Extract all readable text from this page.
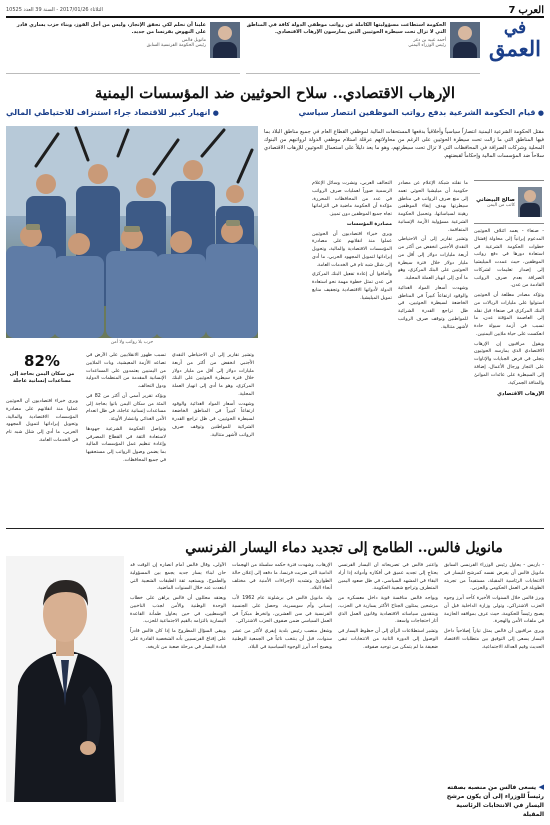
العرب
7
الثلاثاء 2017/01/26 - السنة 39 العدد 10525
في
العمق
الحكومة استطاعت مسؤوليتها الكاملة عن رواتب موظفي الدولة كافة في المناطق التي لا تزال تحت سيطرة الحوثيين الذين يمارسون الإرهاب الاقتصادي.
أحمد عبيد بن دغر
رئيس الوزراء اليمني
علينا أن نحلم لكي نحقق الإنجاز، وليس من أجل الفوز، وبناء حزب يساري قادر على النهوض بفرنسا من جديد.
مانويل فالس
رئيس الحكومة الفرنسية السابق
الإرهاب الاقتصادي.. سلاح الحوثيين ضد المؤسسات اليمنية
● قيام الحكومة الشرعية بدفع رواتب الموظفين انتصار سياسي
● انهيار كبير للاقتصاد جراء استنزاف للاحتياطي المالي
مقتل الحكومة الشرعية اليمنية انتصاراً سياسياً وأخلاقياً بدفعها المستحقات المالية لموظفي القطاع العام في جميع مناطق البلاد بما فيها المناطق التي ما زالت تحت سيطرة الحوثيين على الرغم من محاولاتهم عرقلة استلام موظفي الدولة لرواتبهم من البنوك المحلية وشركات الصرافة في المحافظات التي لا تزال تحت سيطرتهم، وهو ما يعد دليلاً على استعمال الحوثيين للإرهاب الاقتصادي سلاحاً ضد المؤسسات المالية وإحكاماً لقبضتهم.
صالح البيضاني
كاتب من اليمن

- صنعاء - يعمد ائتلاف الحوثيين المدعوم إيرانياً إلى محاولة إفشال خطوات الحكومة الشرعية في استعادة دورها في دفع رواتب الموظفين، حيث عمدت الميليشيا إلى إصدار تعليمات لشركات الصرافة بعدم صرف الرواتب القادمة من عدن.

وتؤكد مصادر مطلعة أن الحوثيين استولوا على مليارات الريالات من البنك المركزي في صنعاء قبل نقله إلى العاصمة المؤقتة عدن، ما تسبب في أزمة سيولة حادة انعكست على حياة ملايين اليمنيين.

ويقول مراقبون إن الإرهاب الاقتصادي الذي يمارسه الحوثيون يتجلى في فرض الجبايات والإتاوات على التجار ورجال الأعمال، إضافة إلى السيطرة على عائدات الموانئ والمنافذ الجمركية.

الإرهاب الاقتصادي

ما نقلته شبكة الإعلام عن مصادر حكومية أن ميليشيا الحوثي تعمد إلى منع صرف الرواتب في مناطق سيطرتها بهدف إبقاء الموظفين رهينة لسياساتها، وتحميل الحكومة الشرعية مسؤولية الأزمة الإنسانية المتفاقمة.

وتشير تقارير إلى أن الاحتياطي النقدي الأجنبي انخفض من أكثر من أربعة مليارات دولار إلى أقل من مليار دولار خلال فترة سيطرة الحوثيين على البنك المركزي، وهو ما أدى إلى انهيار العملة المحلية.

وشهدت أسعار المواد الغذائية والوقود ارتفاعاً كبيراً في المناطق الخاضعة لسيطرة الحوثيين، في ظل تراجع القدرة الشرائية للمواطنين وتوقف صرف الرواتب لأشهر متتالية.

التحالف العربي، ونشرت وسائل الإعلام الرسمية صوراً لعمليات صرف الرواتب في عدد من المحافظات المحررة، مؤكدة أن الحكومة ماضية في التزاماتها تجاه جميع الموظفين دون تمييز.

مصادرة المؤسسات

ويرى خبراء اقتصاديون أن الحوثيين عملوا منذ انقلابهم على مصادرة المؤسسات الاقتصادية والمالية، وتحويل إيراداتها لتمويل المجهود الحربي، ما أدى إلى شلل شبه تام في الخدمات العامة.

وأضافوا أن إعادة تفعيل البنك المركزي في عدن تمثل خطوة مهمة نحو استعادة الدولة لأدواتها الاقتصادية وتجفيف منابع تمويل الميليشيا.

حرب بلا رواتب ولا أمن
82%
من سكان اليمن بحاجة إلى مساعدات إنسانية عاجلة

تسبب ظهور الانقلابيين على الأرض في تصاعد الأزمة المعيشية، وبات الملايين من اليمنيين يعتمدون على المساعدات الإنسانية المقدمة من المنظمات الدولية ودول التحالف.

ويؤكد تقرير أممي أن أكثر من 82 في المئة من سكان اليمن باتوا بحاجة إلى مساعدات إنسانية عاجلة، في ظل انعدام الأمن الغذائي وانتشار الأوبئة.

وتواصل الحكومة الشرعية جهودها لاستعادة الثقة في القطاع المصرفي وإعادة تنظيم عمل المؤسسات المالية بما يضمن وصول الرواتب إلى مستحقيها في جميع المحافظات.

ويرى خبراء اقتصاديون أن الحوثيين عملوا منذ انقلابهم على مصادرة المؤسسات الاقتصادية والمالية، وتحويل إيراداتها لتمويل المجهود الحربي، ما أدى إلى شلل شبه تام في الخدمات العامة.

وتشير تقارير إلى أن الاحتياطي النقدي الأجنبي انخفض من أكثر من أربعة مليارات دولار إلى أقل من مليار دولار خلال فترة سيطرة الحوثيين على البنك المركزي، وهو ما أدى إلى انهيار العملة المحلية.

وشهدت أسعار المواد الغذائية والوقود ارتفاعاً كبيراً في المناطق الخاضعة لسيطرة الحوثيين، في ظل تراجع القدرة الشرائية للمواطنين وتوقف صرف الرواتب لأشهر متتالية.

مانويل فالس.. الطامح إلى تجديد دماء اليسار الفرنسي

- باريس - يحاول رئيس الوزراء الفرنسي السابق مانويل فالس أن يفرض نفسه كمرشح لليسار في الانتخابات الرئاسية المقبلة، مستفيداً من تجربته الطويلة في العمل الحكومي والحزبي.

وبرز فالس خلال السنوات الأخيرة كأحد أبرز وجوه الحزب الاشتراكي، وتولى وزارة الداخلية قبل أن يصبح رئيساً للحكومة، حيث عرف بمواقفه الحازمة في ملفات الأمن والهجرة.

ويرى مراقبون أن فالس يمثل تياراً إصلاحياً داخل اليسار يسعى إلى التوفيق بين متطلبات الاقتصاد الحديث وقيم العدالة الاجتماعية.

واعتبر فالس في تصريحاته أن اليسار الفرنسي يحتاج إلى تجديد عميق في أفكاره وأدواته إذا أراد البقاء في المشهد السياسي، في ظل صعود اليمين المتطرف وتراجع شعبية الحكومة.

ويواجه فالس منافسة قوية داخل معسكره من مرشحين يمثلون الجناح الأكثر يسارية في الحزب، وينتقدون سياساته الاقتصادية وقانون العمل الذي أثار احتجاجات واسعة.

وتشير استطلاعات الرأي إلى أن حظوظ اليسار في الوصول إلى الدورة الثانية من الانتخابات تبقى ضعيفة ما لم يتمكن من توحيد صفوفه.

الإرهاب، وشهدت فترة حكمه سلسلة من الهجمات الدامية التي ضربت فرنسا، ما دفعه إلى إعلان حالة الطوارئ وتشديد الإجراءات الأمنية في مختلف أنحاء البلاد.

ولد مانويل فالس في برشلونة عام 1962 لأب إسباني وأم سويسرية، وحصل على الجنسية الفرنسية في سن العشرين، وانخرط مبكراً في العمل السياسي ضمن صفوف الحزب الاشتراكي.

وشغل منصب رئيس بلدية إيفري لأكثر من عشر سنوات، قبل أن ينتخب نائباً في الجمعية الوطنية ويصبح أحد أبرز الوجوه السياسية في البلاد.

الأولى، وقال فالس أمام أنصاره إن الوقت قد حان لبناء يسار جديد يجمع بين المسؤولية والطموح، ويستعيد ثقة الطبقات الشعبية التي ابتعدت عنه خلال السنوات الماضية.

ويعتقد محللون أن فالس يراهن على خطاب الوحدة الوطنية والأمن لجذب الناخبين الوسطيين، في حين يحاول طمأنة القاعدة اليسارية بالتزامه بالقيم الاجتماعية للحزب.

ويبقى السؤال المطروح ما إذا كان فالس قادراً على إقناع الفرنسيين بأنه الشخصية القادرة على قيادة اليسار في مرحلة صعبة من تاريخه.

◀ يسعى فالس من منصبه بصفته رئيساً للوزراء إلى أن يكون مرشح اليسار في الانتخابات الرئاسية المقبلة
